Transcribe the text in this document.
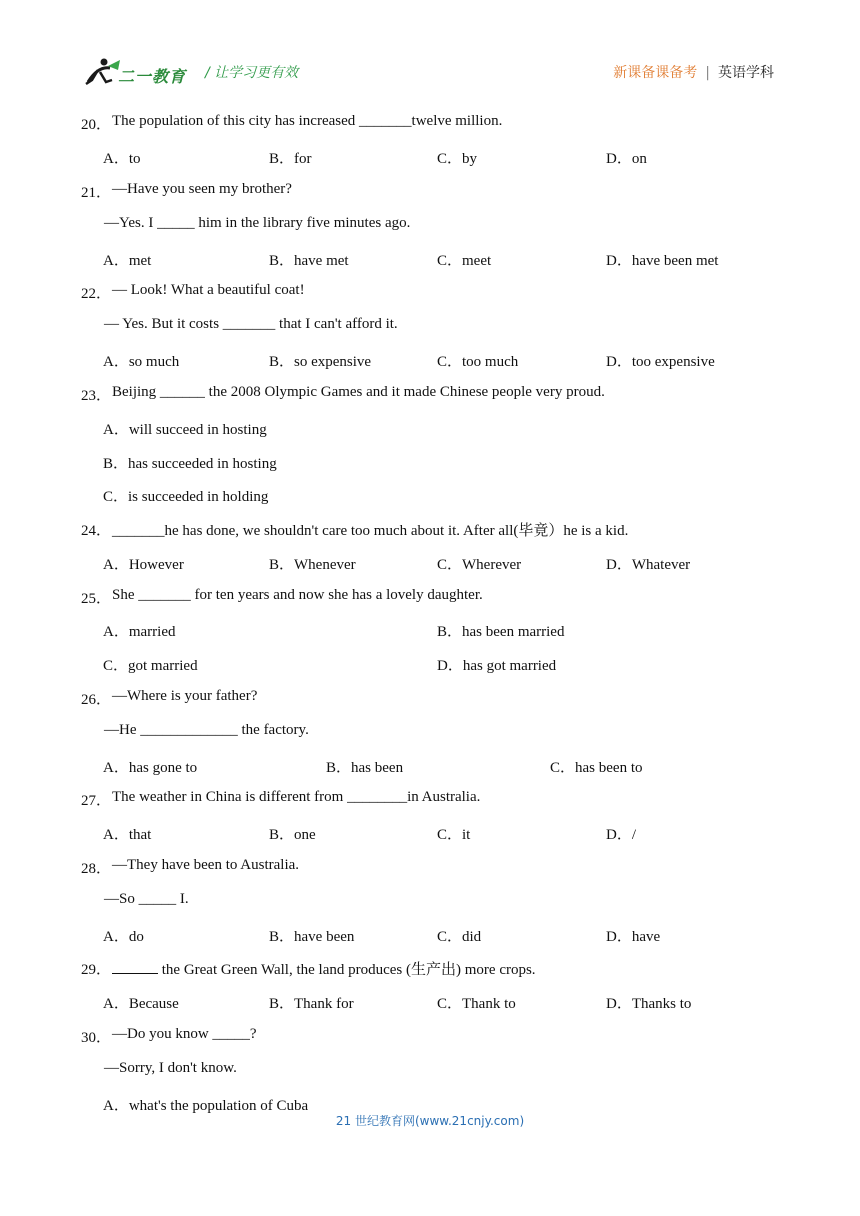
二一教育 / 让学习更有效	新课备课备考 | 英语学科
20． The population of this city has increased _______twelve million.
A．to	B．for	C．by	D．on
21． —Have you seen my brother?
—Yes. I _____ him in the library five minutes ago.
A．met	B．have met	C．meet	D．have been met
22． — Look! What a beautiful coat!
— Yes. But it costs _______ that I can't afford it.
A．so much	B．so expensive	C．too much	D．too expensive
23． Beijing ______ the 2008 Olympic Games and it made Chinese people very proud.
A．will succeed in hosting
B．has succeeded in hosting
C．is succeeded in holding
24． _______he has done, we shouldn't care too much about it. After all(毕竟）he is a kid.
A．However	B．Whenever	C．Wherever	D．Whatever
25． She _______ for ten years and now she has a lovely daughter.
A．married	B．has been married
C．got married	D．has got married
26． —Where is your father?
—He _____________ the factory.
A．has gone to	B．has been	C．has been to
27． The weather in China is different from ________in Australia.
A．that	B．one	C．it	D．/
28． —They have been to Australia.
—So _____ I.
A．do	B．have been	C．did	D．have
29．	the Great Green Wall, the land produces (生产出) more crops.
A．Because	B．Thank for	C．Thank to	D．Thanks to
30． —Do you know _____?
—Sorry, I don't know.
A．what's the population of Cuba
21 世纪教育网(www.21cnjy.com)
